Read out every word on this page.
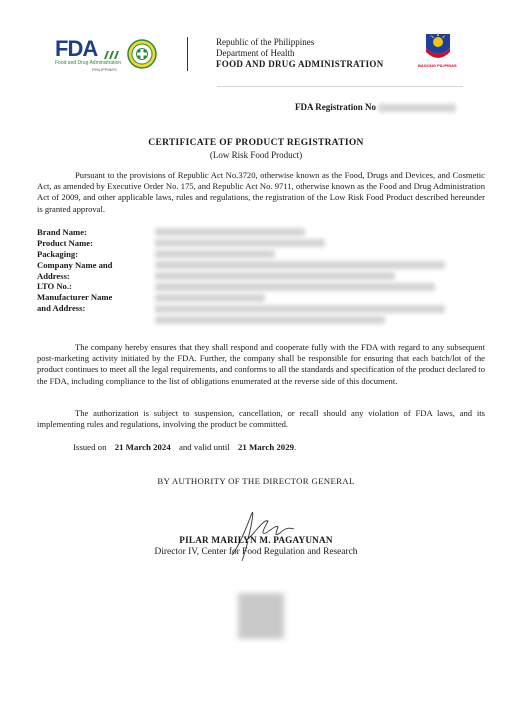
FDA
Food and Drug Administration
PHILIPPINES
Republic of the Philippines
Department of Health
FOOD AND DRUG ADMINISTRATION	BAGONG PILIPINAS
FDA Registration No
CERTIFICATE OF PRODUCT REGISTRATION
(Low Risk Food Product)
Pursuant to the provisions of Republic Act No.3720, otherwise known as the Food, Drugs and Devices, and Cosmetic Act, as amended by Executive Order No. 175, and Republic Act No. 9711, otherwise known as the Food and Drug Administration Act of 2009, and other applicable laws, rules and regulations, the registration of the Low Risk Food Product described hereunder is granted approval.
Brand Name:
Product Name:
Packaging:
Company Name and
Address:
LTO No.:
Manufacturer Name
and Address:
The company hereby ensures that they shall respond and cooperate fully with the FDA with regard to any subsequent post-marketing activity initiated by the FDA. Further, the company shall be responsible for ensuring that each batch/lot of the product continues to meet all the legal requirements, and conforms to all the standards and specification of the product declared to the FDA, including compliance to the list of obligations enumerated at the reverse side of this document.
The authorization is subject to suspension, cancellation, or recall should any violation of FDA laws, and its implementing rules and regulations, involving the product be committed.
Issued on 21 March 2024 and valid until 21 March 2029.
BY AUTHORITY OF THE DIRECTOR GENERAL
PILAR MARILYN M. PAGAYUNAN
Director IV, Center for Food Regulation and Research
